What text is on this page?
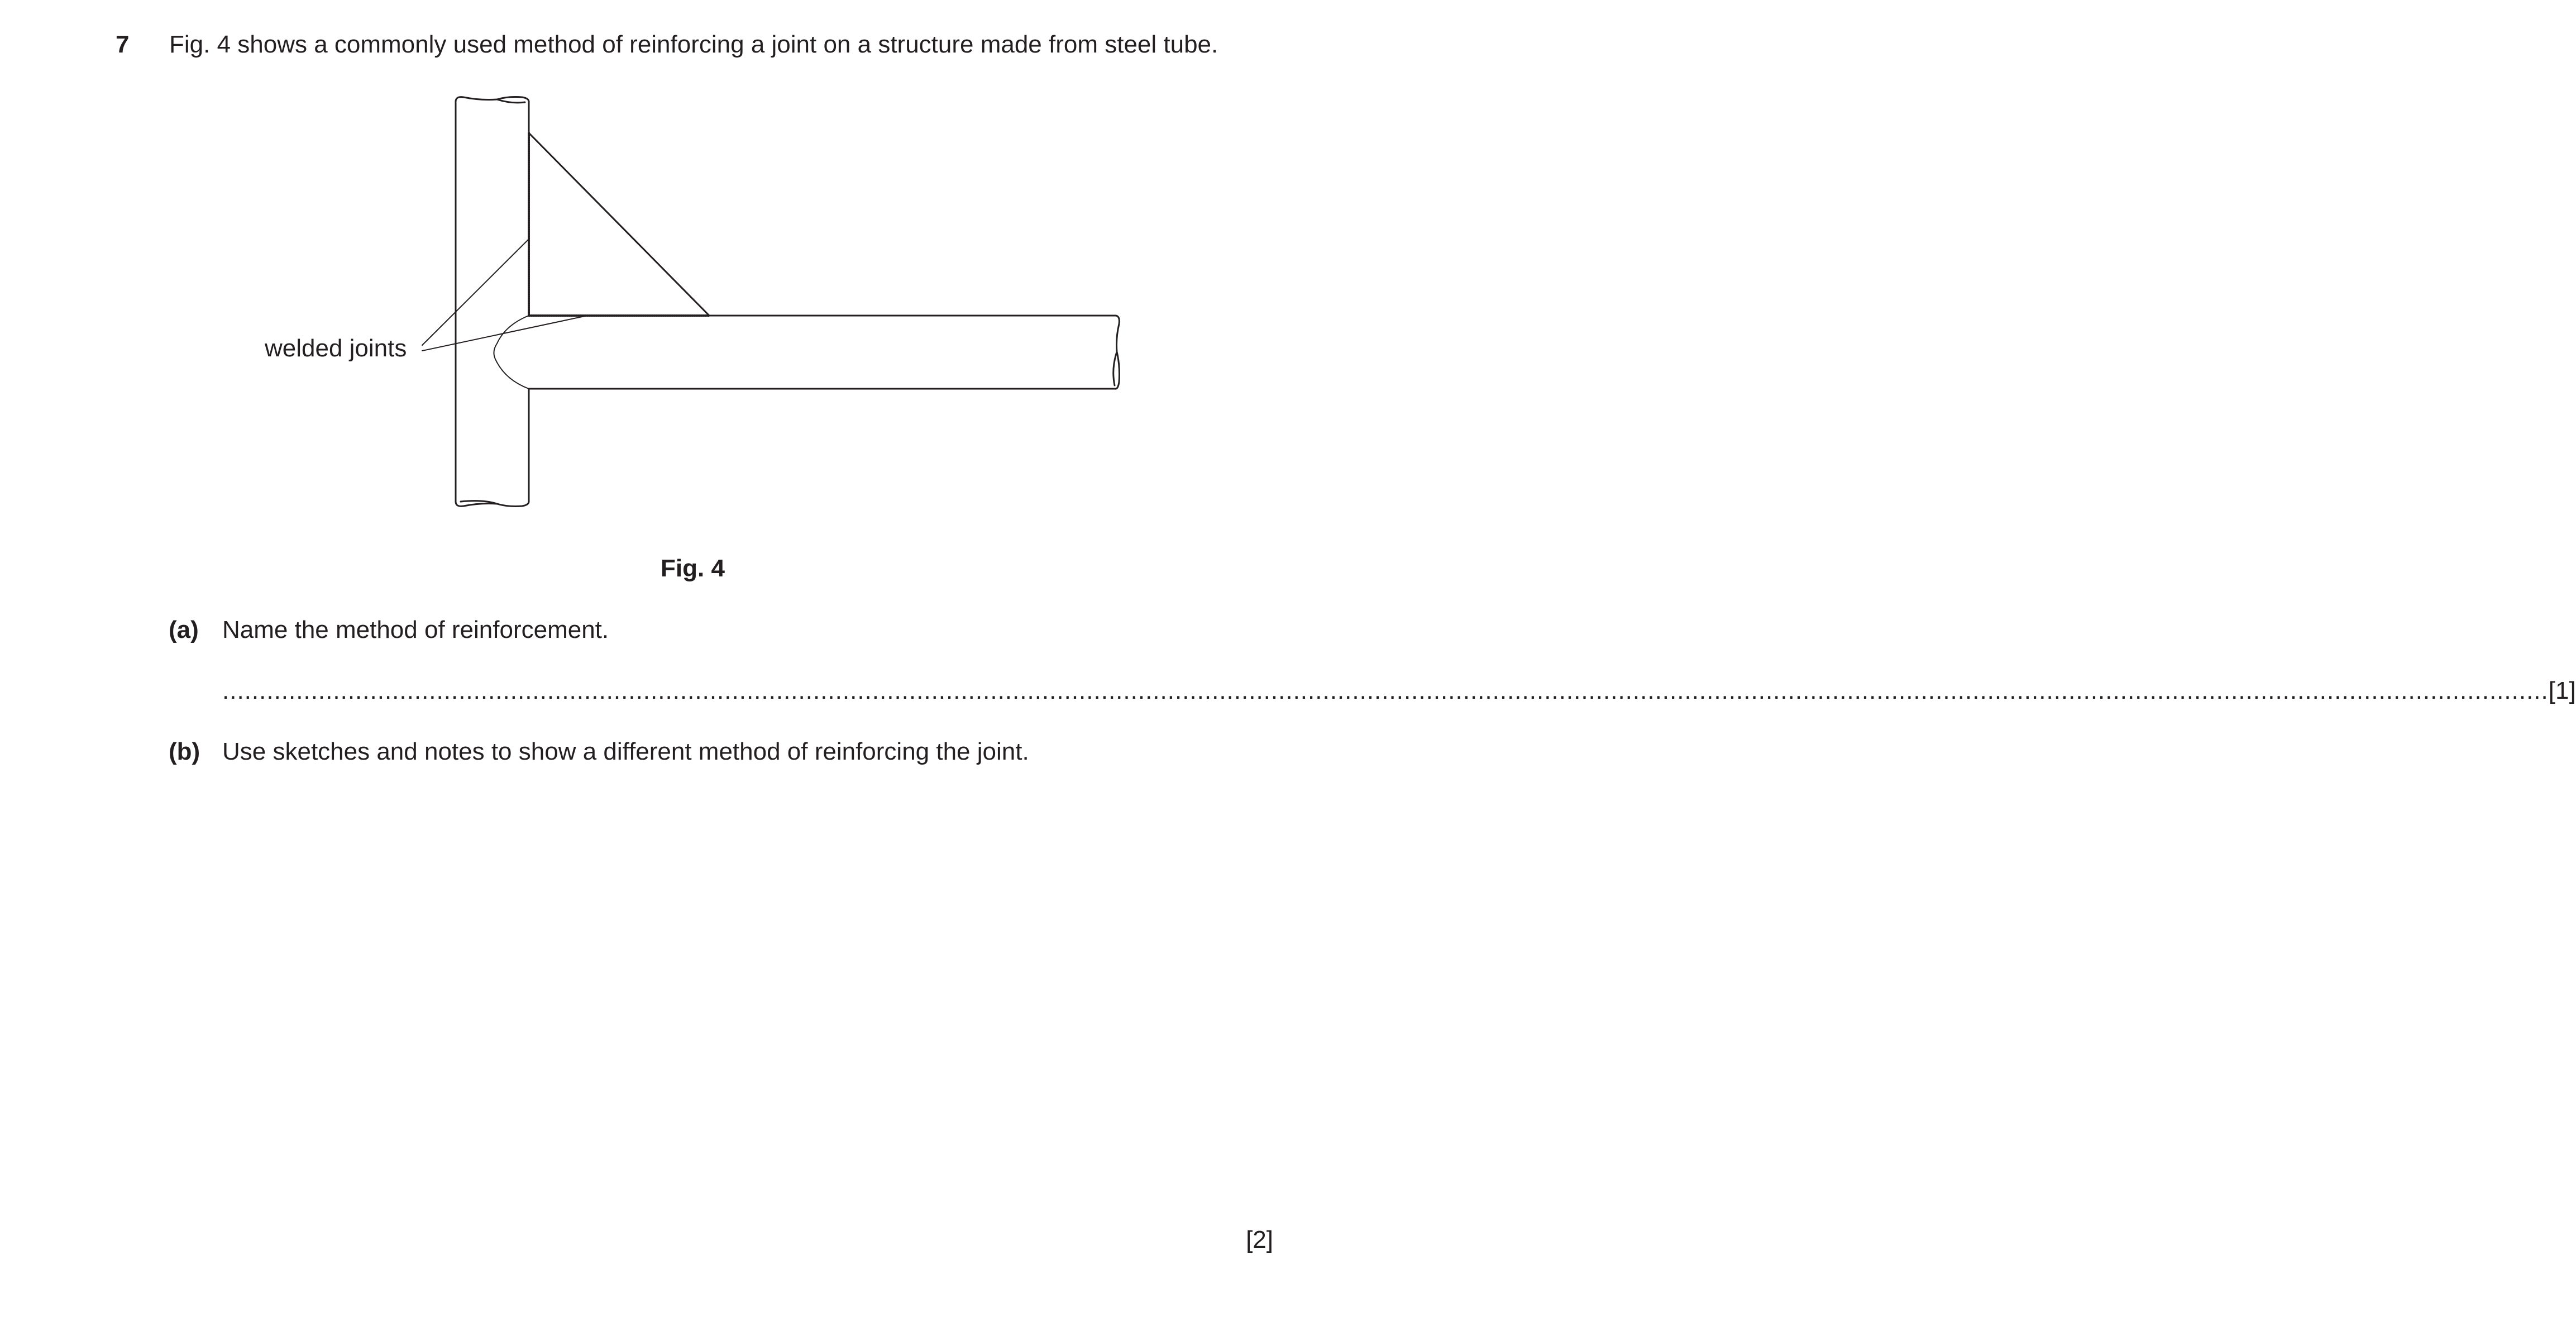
7 Fig. 4 shows a commonly used method of reinforcing a joint on a structure made from steel tube.
welded joints
Fig. 4
(a) Name the method of reinforcement.
........................................................................................................................................................................................................................................................................................................................... [1]
(b) Use sketches and notes to show a different method of reinforcing the joint.
[2]
